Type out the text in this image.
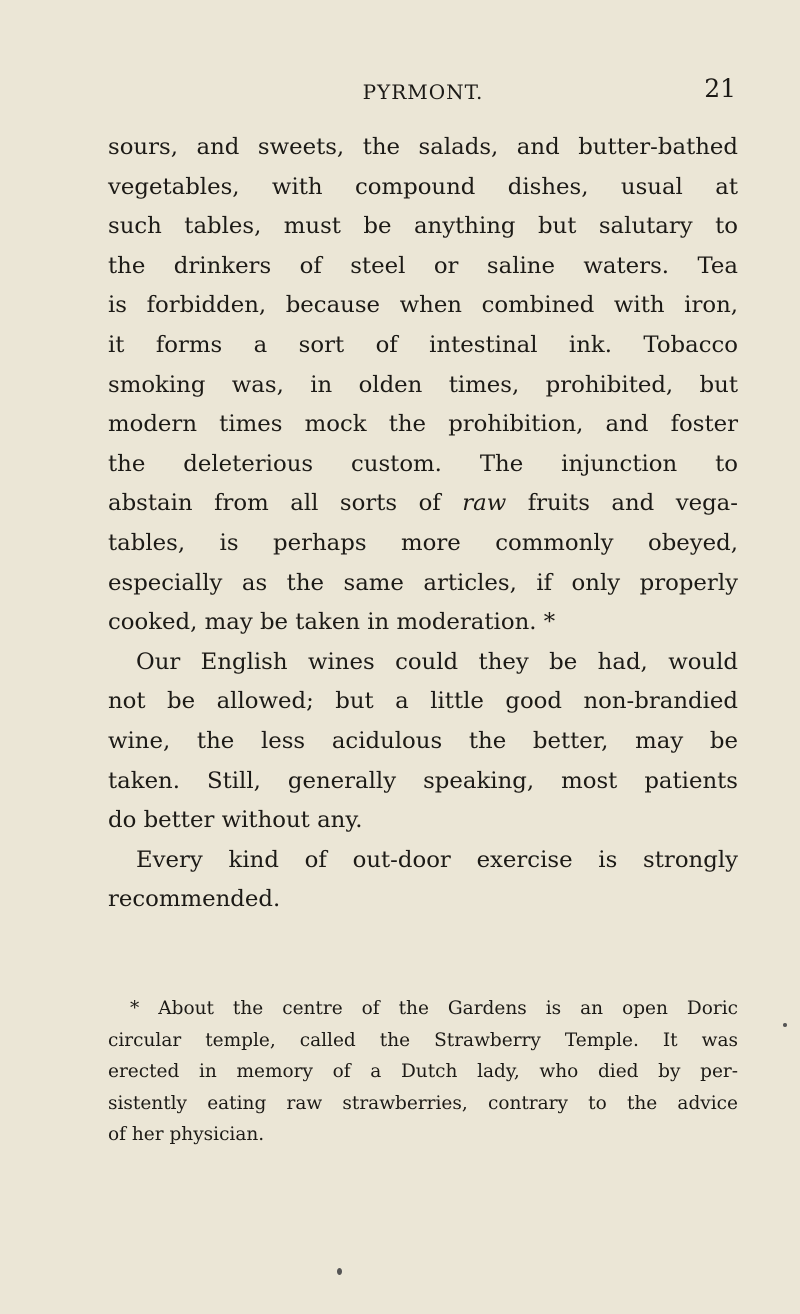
PYRMONT.	21
sours, and sweets, the salads, and butter-bathed
vegetables, with compound dishes, usual at
such tables, must be anything but salutary to
the drinkers of steel or saline waters. Tea
is forbidden, because when combined with iron,
it forms a sort of intestinal ink. Tobacco
smoking was, in olden times, prohibited, but
modern times mock the prohibition, and foster
the deleterious custom. The injunction to
abstain from all sorts of raw fruits and vega-
tables, is perhaps more commonly obeyed,
especially as the same articles, if only properly
cooked, may be taken in moderation. *
Our English wines could they be had, would
not be allowed; but a little good non-brandied
wine, the less acidulous the better, may be
taken. Still, generally speaking, most patients
do better without any.
Every kind of out-door exercise is strongly
recommended.
* About the centre of the Gardens is an open Doric
circular temple, called the Strawberry Temple. It was
erected in memory of a Dutch lady, who died by per-
sistently eating raw strawberries, contrary to the advice
of her physician.
